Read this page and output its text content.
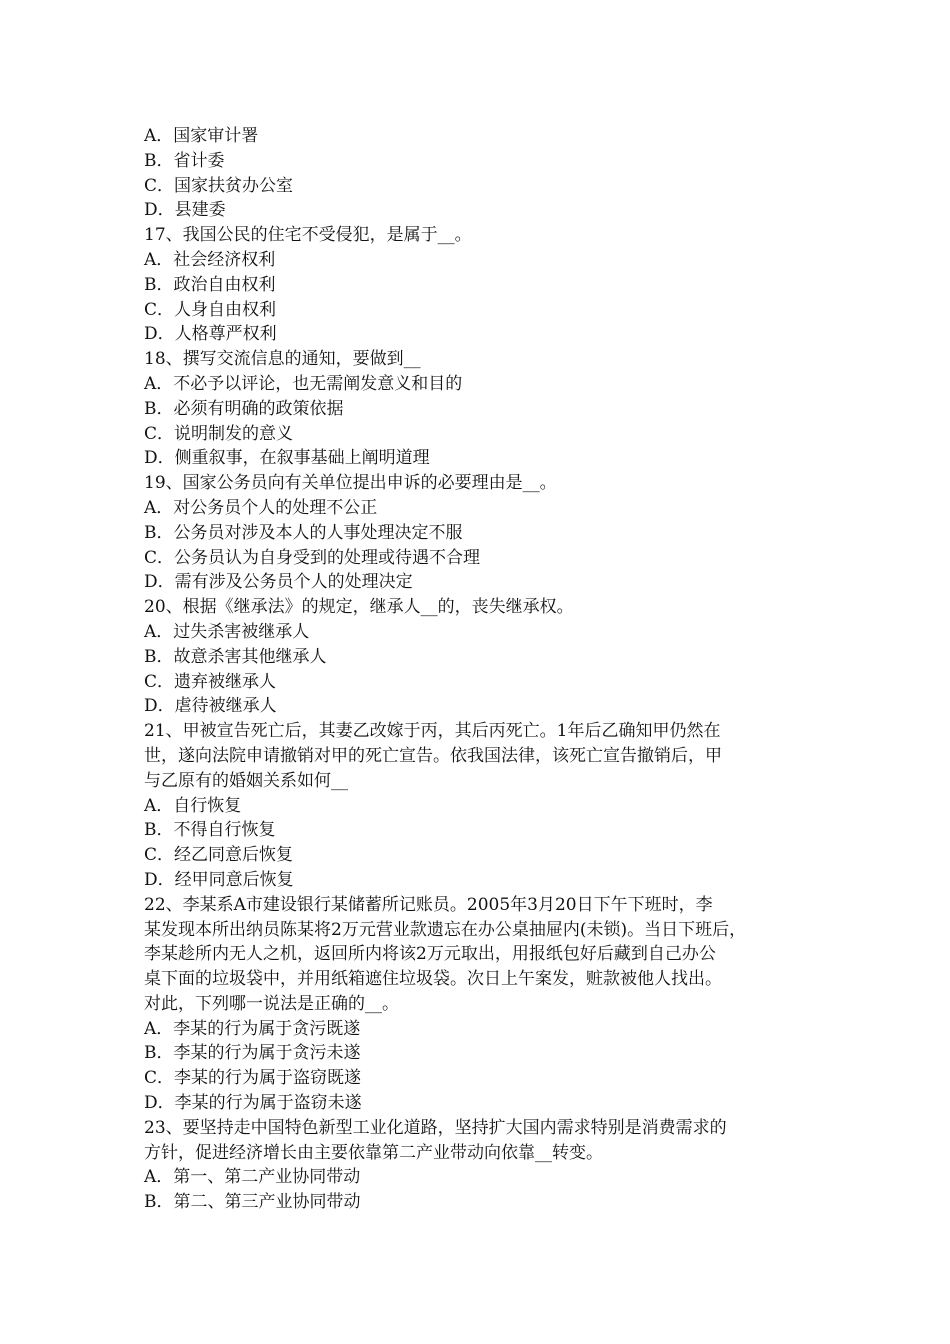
A．国家审计署
B．省计委
C．国家扶贫办公室
D．县建委
17、我国公民的住宅不受侵犯，是属于__。
A．社会经济权利
B．政治自由权利
C．人身自由权利
D．人格尊严权利
18、撰写交流信息的通知，要做到__
A．不必予以评论，也无需阐发意义和目的
B．必须有明确的政策依据
C．说明制发的意义
D．侧重叙事，在叙事基础上阐明道理
19、国家公务员向有关单位提出申诉的必要理由是__。
A．对公务员个人的处理不公正
B．公务员对涉及本人的人事处理决定不服
C．公务员认为自身受到的处理或待遇不合理
D．需有涉及公务员个人的处理决定
20、根据《继承法》的规定，继承人__的，丧失继承权。
A．过失杀害被继承人
B．故意杀害其他继承人
C．遗弃被继承人
D．虐待被继承人
21、甲被宣告死亡后，其妻乙改嫁于丙，其后丙死亡。1年后乙确知甲仍然在
世，遂向法院申请撤销对甲的死亡宣告。依我国法律，该死亡宣告撤销后，甲
与乙原有的婚姻关系如何__
A．自行恢复
B．不得自行恢复
C．经乙同意后恢复
D．经甲同意后恢复
22、李某系A市建设银行某储蓄所记账员。2005年3月20日下午下班时，李
某发现本所出纳员陈某将2万元营业款遗忘在办公桌抽屉内(未锁)。当日下班后，
李某趁所内无人之机，返回所内将该2万元取出，用报纸包好后藏到自己办公
桌下面的垃圾袋中，并用纸箱遮住垃圾袋。次日上午案发，赃款被他人找出。
对此，下列哪一说法是正确的__。
A．李某的行为属于贪污既遂
B．李某的行为属于贪污未遂
C．李某的行为属于盗窃既遂
D．李某的行为属于盗窃未遂
23、要坚持走中国特色新型工业化道路，坚持扩大国内需求特别是消费需求的
方针，促进经济增长由主要依靠第二产业带动向依靠__转变。
A．第一、第二产业协同带动
B．第二、第三产业协同带动
